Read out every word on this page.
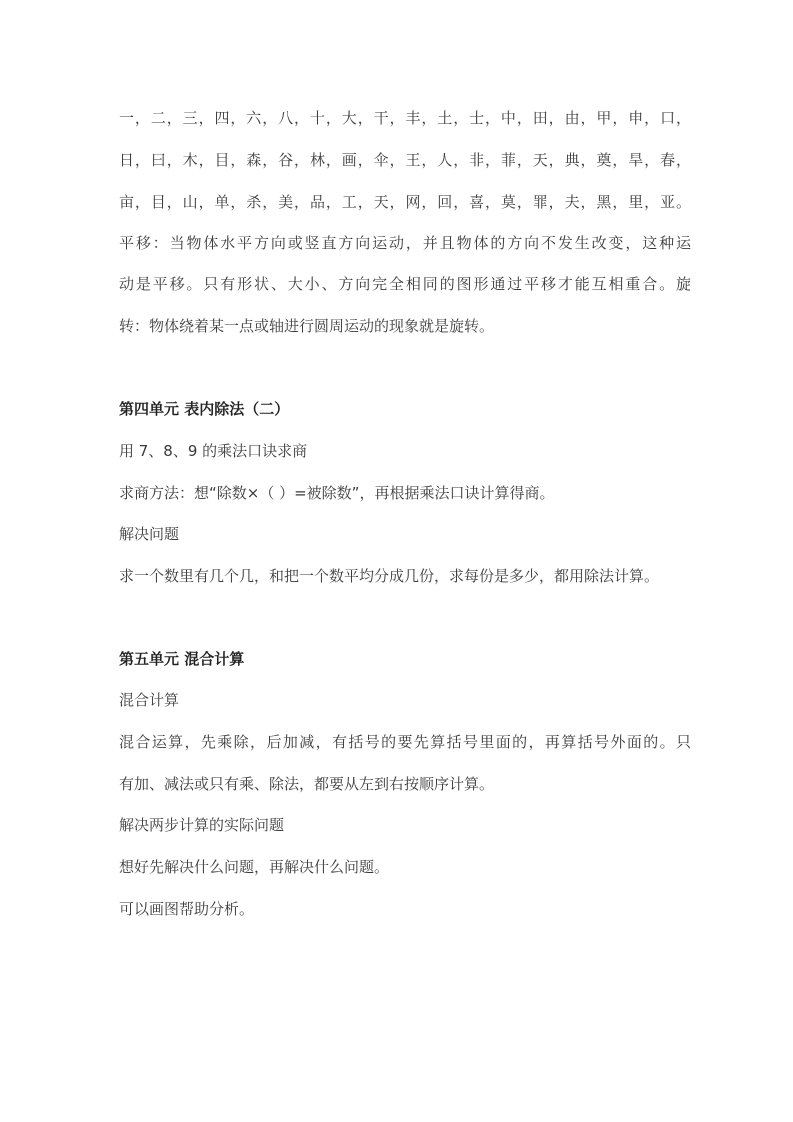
一，二，三，四，六，八，十，大，干，丰，土，士，中，田，由，甲，申，口，
日，曰，木，目，森，谷，林，画，伞，王，人，非，菲，天，典，奠，旱，春，
亩，目，山，单，杀，美，品，工，天，网，回，喜，莫，罪，夫，黑，里，亚。
平移：当物体水平方向或竖直方向运动，并且物体的方向不发生改变，这种运
动是平移。只有形状、大小、方向完全相同的图形通过平移才能互相重合。旋
转：物体绕着某一点或轴进行圆周运动的现象就是旋转。
第四单元 表内除法（二）
用 7、8、9 的乘法口诀求商
求商方法：想“除数×（ ）=被除数”，再根据乘法口诀计算得商。
解决问题
求一个数里有几个几，和把一个数平均分成几份，求每份是多少，都用除法计算。
第五单元 混合计算
混合计算
混合运算，先乘除，后加减，有括号的要先算括号里面的，再算括号外面的。只
有加、减法或只有乘、除法，都要从左到右按顺序计算。
解决两步计算的实际问题
想好先解决什么问题，再解决什么问题。
可以画图帮助分析。
